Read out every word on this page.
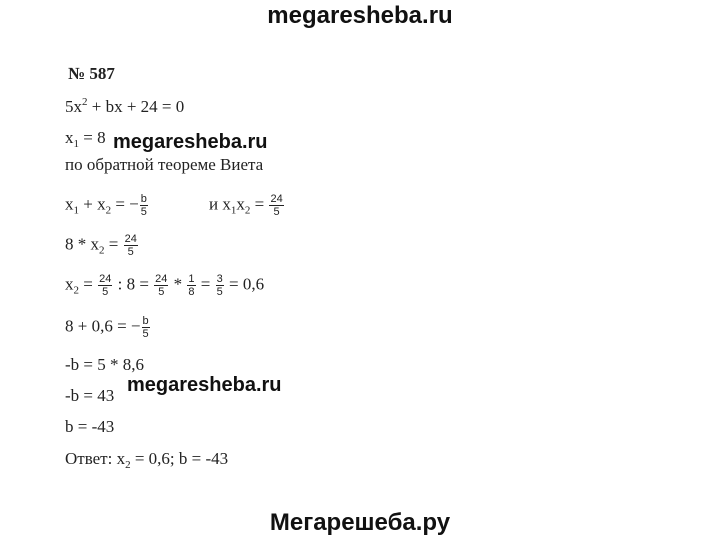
megaresheba.ru
№ 587
$5x^2$ + bx + 24 = 0
$x_1 = 8$ megaresheba.ru
по обратной теореме Виета
$x_1 + x_2$ = − $\frac{b}{5}$	и $x_1x_2 = \frac{24}{5}$
$8 * x_2 = \frac{24}{5}$
$x_2 = \frac{24}{5}$ : $8 = \frac{24}{5} * \frac{1}{8} = \frac{3}{5} = 0,6$
8 + 0,6 = − $\frac{b}{5}$
-b = 5 * 8,6
-b = 43 megaresheba.ru
b = -43
Ответ: $x_2 = 0,6$; b = -43
Мегарешеба.ру
